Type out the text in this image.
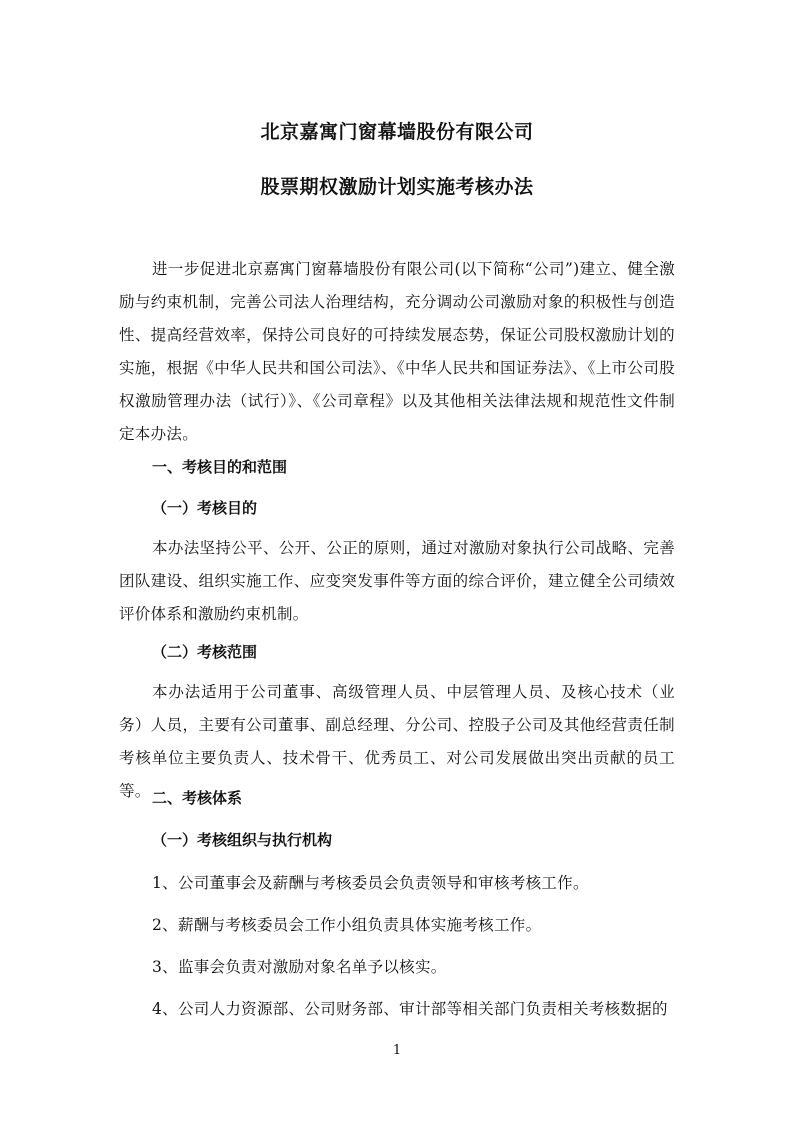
北京嘉寓门窗幕墙股份有限公司
股票期权激励计划实施考核办法

进一步促进北京嘉寓门窗幕墙股份有限公司(以下简称“公司”)建立、健全激励与约束机制，完善公司法人治理结构，充分调动公司激励对象的积极性与创造性、提高经营效率，保持公司良好的可持续发展态势，保证公司股权激励计划的实施，根据《中华人民共和国公司法》、《中华人民共和国证券法》、《上市公司股权激励管理办法（试行）》、《公司章程》以及其他相关法律法规和规范性文件制定本办法。

一、考核目的和范围

（一）考核目的

本办法坚持公平、公开、公正的原则，通过对激励对象执行公司战略、完善团队建设、组织实施工作、应变突发事件等方面的综合评价，建立健全公司绩效评价体系和激励约束机制。

（二）考核范围

本办法适用于公司董事、高级管理人员、中层管理人员、及核心技术（业务）人员，主要有公司董事、副总经理、分公司、控股子公司及其他经营责任制考核单位主要负责人、技术骨干、优秀员工、对公司发展做出突出贡献的员工等。 二、考核体系

（一）考核组织与执行机构

1、公司董事会及薪酬与考核委员会负责领导和审核考核工作。

2、薪酬与考核委员会工作小组负责具体实施考核工作。

3、监事会负责对激励对象名单予以核实。

4、公司人力资源部、公司财务部、审计部等相关部门负责相关考核数据的

1
